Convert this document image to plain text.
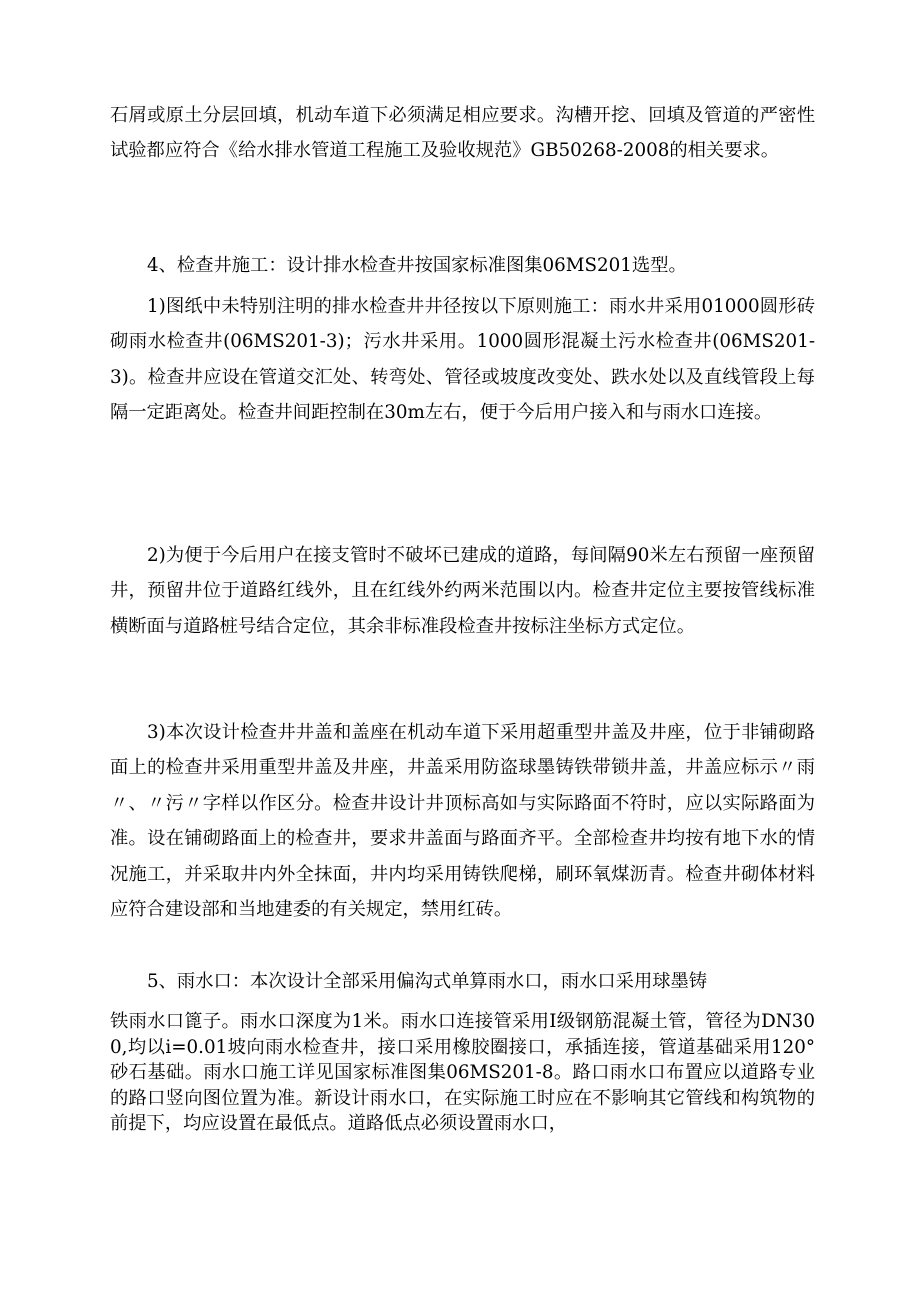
石屑或原土分层回填，机动车道下必须满足相应要求。沟槽开挖、回填及管道的严密性试验都应符合《给水排水管道工程施工及验收规范》GB50268-2008的相关要求。

4、检查井施工：设计排水检查井按国家标准图集06MS201选型。

1)图纸中未特别注明的排水检查井井径按以下原则施工：雨水井采用01000圆形砖砌雨水检查井(06MS201-3)；污水井采用。1000圆形混凝土污水检查井(06MS201-3)。检查井应设在管道交汇处、转弯处、管径或坡度改变处、跌水处以及直线管段上每隔一定距离处。检查井间距控制在30m左右，便于今后用户接入和与雨水口连接。

2)为便于今后用户在接支管时不破坏已建成的道路，每间隔90米左右预留一座预留井，预留井位于道路红线外，且在红线外约两米范围以内。检查井定位主要按管线标准横断面与道路桩号结合定位，其余非标准段检查井按标注坐标方式定位。

3)本次设计检查井井盖和盖座在机动车道下采用超重型井盖及井座，位于非铺砌路面上的检查井采用重型井盖及井座，井盖采用防盗球墨铸铁带锁井盖，井盖应标示〃雨〃、〃污〃字样以作区分。检查井设计井顶标高如与实际路面不符时，应以实际路面为准。设在铺砌路面上的检查井，要求井盖面与路面齐平。全部检查井均按有地下水的情况施工，并采取井内外全抹面，井内均采用铸铁爬梯，刷环氧煤沥青。检查井砌体材料应符合建设部和当地建委的有关规定，禁用红砖。

5、雨水口：本次设计全部采用偏沟式单算雨水口，雨水口采用球墨铸

铁雨水口篦子。雨水口深度为1米。雨水口连接管采用I级钢筋混凝土管，管径为DN300,均以i=0.01坡向雨水检查井，接口采用橡胶圈接口，承插连接，管道基础采用120°砂石基础。雨水口施工详见国家标准图集06MS201-8。路口雨水口布置应以道路专业的路口竖向图位置为准。新设计雨水口，在实际施工时应在不影响其它管线和构筑物的前提下，均应设置在最低点。道路低点必须设置雨水口，
